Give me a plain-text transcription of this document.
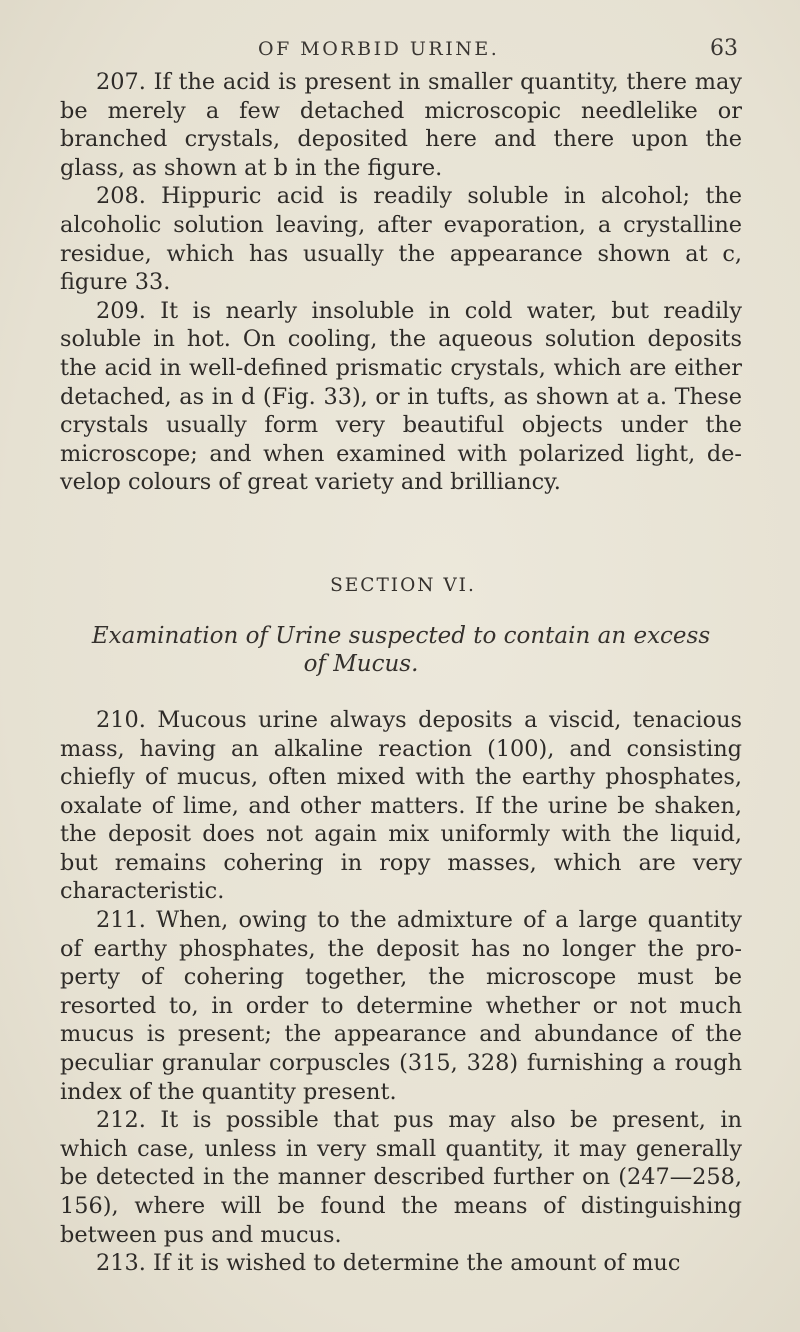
OF MORBID URINE.	63

207. If the acid is present in smaller quantity, there may be merely a few detached microscopic needlelike or branched crystals, deposited here and there upon the glass, as shown at b in the figure.

208. Hippuric acid is readily soluble in alcohol; the alcoholic solution leaving, after evaporation, a crystalline residue, which has usually the appearance shown at c, figure 33.

209. It is nearly insoluble in cold water, but readily soluble in hot. On cooling, the aqueous solution deposits the acid in well-defined prismatic crystals, which are either detached, as in d (Fig. 33), or in tufts, as shown at a. These crystals usually form very beautiful objects under the microscope; and when examined with polarized light, de-velop colours of great variety and brilliancy.

SECTION VI.
Examination of Urine suspected to contain an excess
of Mucus.

210. Mucous urine always deposits a viscid, tenacious mass, having an alkaline reaction (100), and consisting chiefly of mucus, often mixed with the earthy phosphates, oxalate of lime, and other matters. If the urine be shaken, the deposit does not again mix uniformly with the liquid, but remains cohering in ropy masses, which are very characteristic.

211. When, owing to the admixture of a large quantity of earthy phosphates, the deposit has no longer the pro-perty of cohering together, the microscope must be resorted to, in order to determine whether or not much mucus is present; the appearance and abundance of the peculiar granular corpuscles (315, 328) furnishing a rough index of the quantity present.

212. It is possible that pus may also be present, in which case, unless in very small quantity, it may generally be detected in the manner described further on (247—258, 156), where will be found the means of distinguishing between pus and mucus.

213. If it is wished to determine the amount of muc
